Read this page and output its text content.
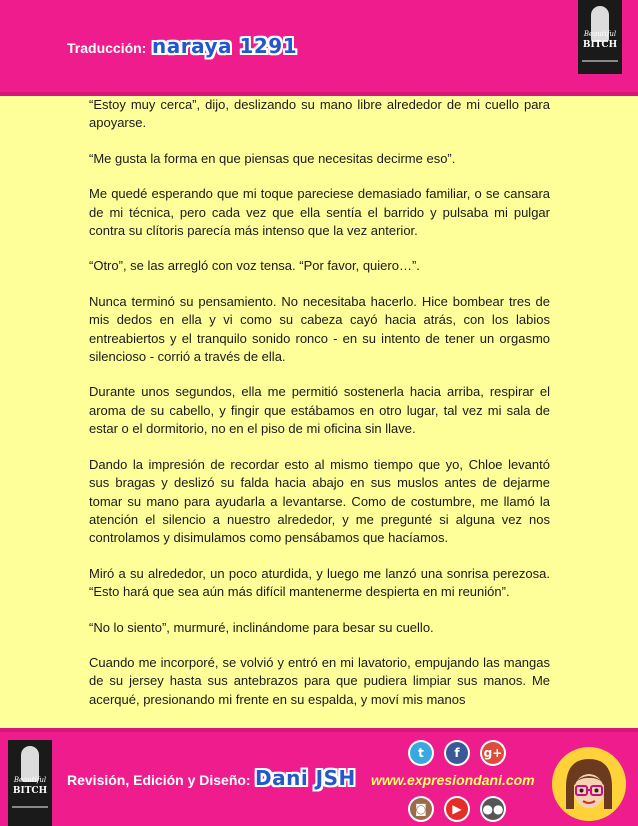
Traducción: naraya 1291	Beautiful
BITCH

“Estoy muy cerca”, dijo, deslizando su mano libre alrededor de mi cuello para apoyarse.

“Me gusta la forma en que piensas que necesitas decirme eso”.

Me quedé esperando que mi toque pareciese demasiado familiar, o se cansara de mi técnica, pero cada vez que ella sentía el barrido y pulsaba mi pulgar contra su clítoris parecía más intenso que la vez anterior.

“Otro”, se las arregló con voz tensa. “Por favor, quiero…”.

Nunca terminó su pensamiento. No necesitaba hacerlo. Hice bombear tres de mis dedos en ella y vi como su cabeza cayó hacia atrás, con los labios entreabiertos y el tranquilo sonido ronco - en su intento de tener un orgasmo silencioso - corrió a través de ella.

Durante unos segundos, ella me permitió sostenerla hacia arriba, respirar el aroma de su cabello, y fingir que estábamos en otro lugar, tal vez mi sala de estar o el dormitorio, no en el piso de mi oficina sin llave.

Dando la impresión de recordar esto al mismo tiempo que yo, Chloe levantó sus bragas y deslizó su falda hacia abajo en sus muslos antes de dejarme tomar su mano para ayudarla a levantarse. Como de costumbre, me llamó la atención el silencio a nuestro alrededor, y me pregunté si alguna vez nos controlamos y disimulamos como pensábamos que hacíamos.

Miró a su alrededor, un poco aturdida, y luego me lanzó una sonrisa perezosa. “Esto hará que sea aún más difícil mantenerme despierta en mi reunión”.

“No lo siento”, murmuré, inclinándome para besar su cuello.

Cuando me incorporé, se volvió y entró en mi lavatorio, empujando las mangas de su jersey hasta sus antebrazos para que pudiera limpiar sus manos. Me acerqué, presionando mi frente en su espalda, y moví mis manos

Revisión, Edición y Diseño: Dani JSH www.expresiondani.com
t	f	g+
◙	▶	●●
Beautiful
BITCH
